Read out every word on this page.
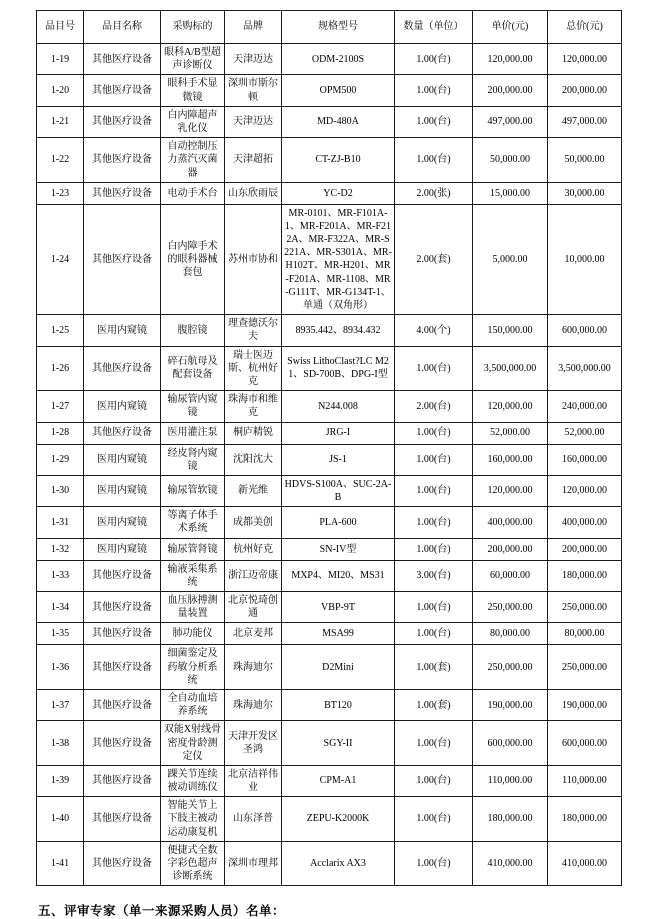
品目号	品目名称	采购标的	品牌	规格型号	数量（单位）	单价(元)	总价(元)
1-19	其他医疗设备	眼科A/B型超声诊断仪	天津迈达	ODM-2100S	1.00(台)	120,000.00	120,000.00
1-20	其他医疗设备	眼科手术显微镜	深圳市斯尔顿	OPM500	1.00(台)	200,000.00	200,000.00
1-21	其他医疗设备	白内障超声乳化仪	天津迈达	MD-480A	1.00(台)	497,000.00	497,000.00
1-22	其他医疗设备	自动控制压力蒸汽灭菌器	天津超拓	CT-ZJ-B10	1.00(台)	50,000.00	50,000.00
1-23	其他医疗设备	电动手术台	山东欣雨辰	YC-D2	2.00(张)	15,000.00	30,000.00
1-24	其他医疗设备	白内障手术的眼科器械套包	苏州市协和	MR-0101、MR-F101A-1、MR-F201A、MR-F212A、MR-F322A、MR-S221A、MR-S301A、MR-H102T、MR-H201、MR-F201A、MR-1108、MR-G111T、MR-G134T-1、单通（双角形）	2.00(套)	5,000.00	10,000.00
1-25	医用内窥镜	腹腔镜	理查德沃尔夫	8935.442、8934.432	4.00(个)	150,000.00	600,000.00
1-26	其他医疗设备	碎石航母及配套设备	瑞士医迈斯、杭州好克	Swiss LithoClast?LC M21、SD-700B、DPG-I型	1.00(台)	3,500,000.00	3,500,000.00
1-27	医用内窥镜	输尿管内窥镜	珠海市和维克	N244.008	2.00(台)	120,000.00	240,000.00
1-28	其他医疗设备	医用灌注泵	桐庐精锐	JRG-I	1.00(台)	52,000.00	52,000.00
1-29	医用内窥镜	经皮肾内窥镜	沈阳沈大	JS-1	1.00(台)	160,000.00	160,000.00
1-30	医用内窥镜	输尿管软镜	新光维	HDVS-S100A、SUC-2A-B	1.00(台)	120,000.00	120,000.00
1-31	医用内窥镜	等离子体手术系统	成都美创	PLA-600	1.00(台)	400,000.00	400,000.00
1-32	医用内窥镜	输尿管肾镜	杭州好克	SN-IV型	1.00(台)	200,000.00	200,000.00
1-33	其他医疗设备	输液采集系统	浙江迈帝康	MXP4、MI20、MS31	3.00(台)	60,000.00	180,000.00
1-34	其他医疗设备	血压脉搏测量装置	北京悦琦创通	VBP-9T	1.00(台)	250,000.00	250,000.00
1-35	其他医疗设备	肺功能仪	北京麦邦	MSA99	1.00(台)	80,000.00	80,000.00
1-36	其他医疗设备	细菌鉴定及药敏分析系统	珠海迪尔	D2Mini	1.00(套)	250,000.00	250,000.00
1-37	其他医疗设备	全自动血培养系统	珠海迪尔	BT120	1.00(套)	190,000.00	190,000.00
1-38	其他医疗设备	双能X射线骨密度骨龄测定仪	天津开发区圣鸿	SGY-II	1.00(台)	600,000.00	600,000.00
1-39	其他医疗设备	踝关节连续被动训练仪	北京洁祥伟业	CPM-A1	1.00(台)	110,000.00	110,000.00
1-40	其他医疗设备	智能关节上下肢主被动运动康复机	山东泽普	ZEPU-K2000K	1.00(台)	180,000.00	180,000.00
1-41	其他医疗设备	便捷式全数字彩色超声诊断系统	深圳市理邦	Acclarix AX3	1.00(台)	410,000.00	410,000.00
五、评审专家（单一来源采购人员）名单：
